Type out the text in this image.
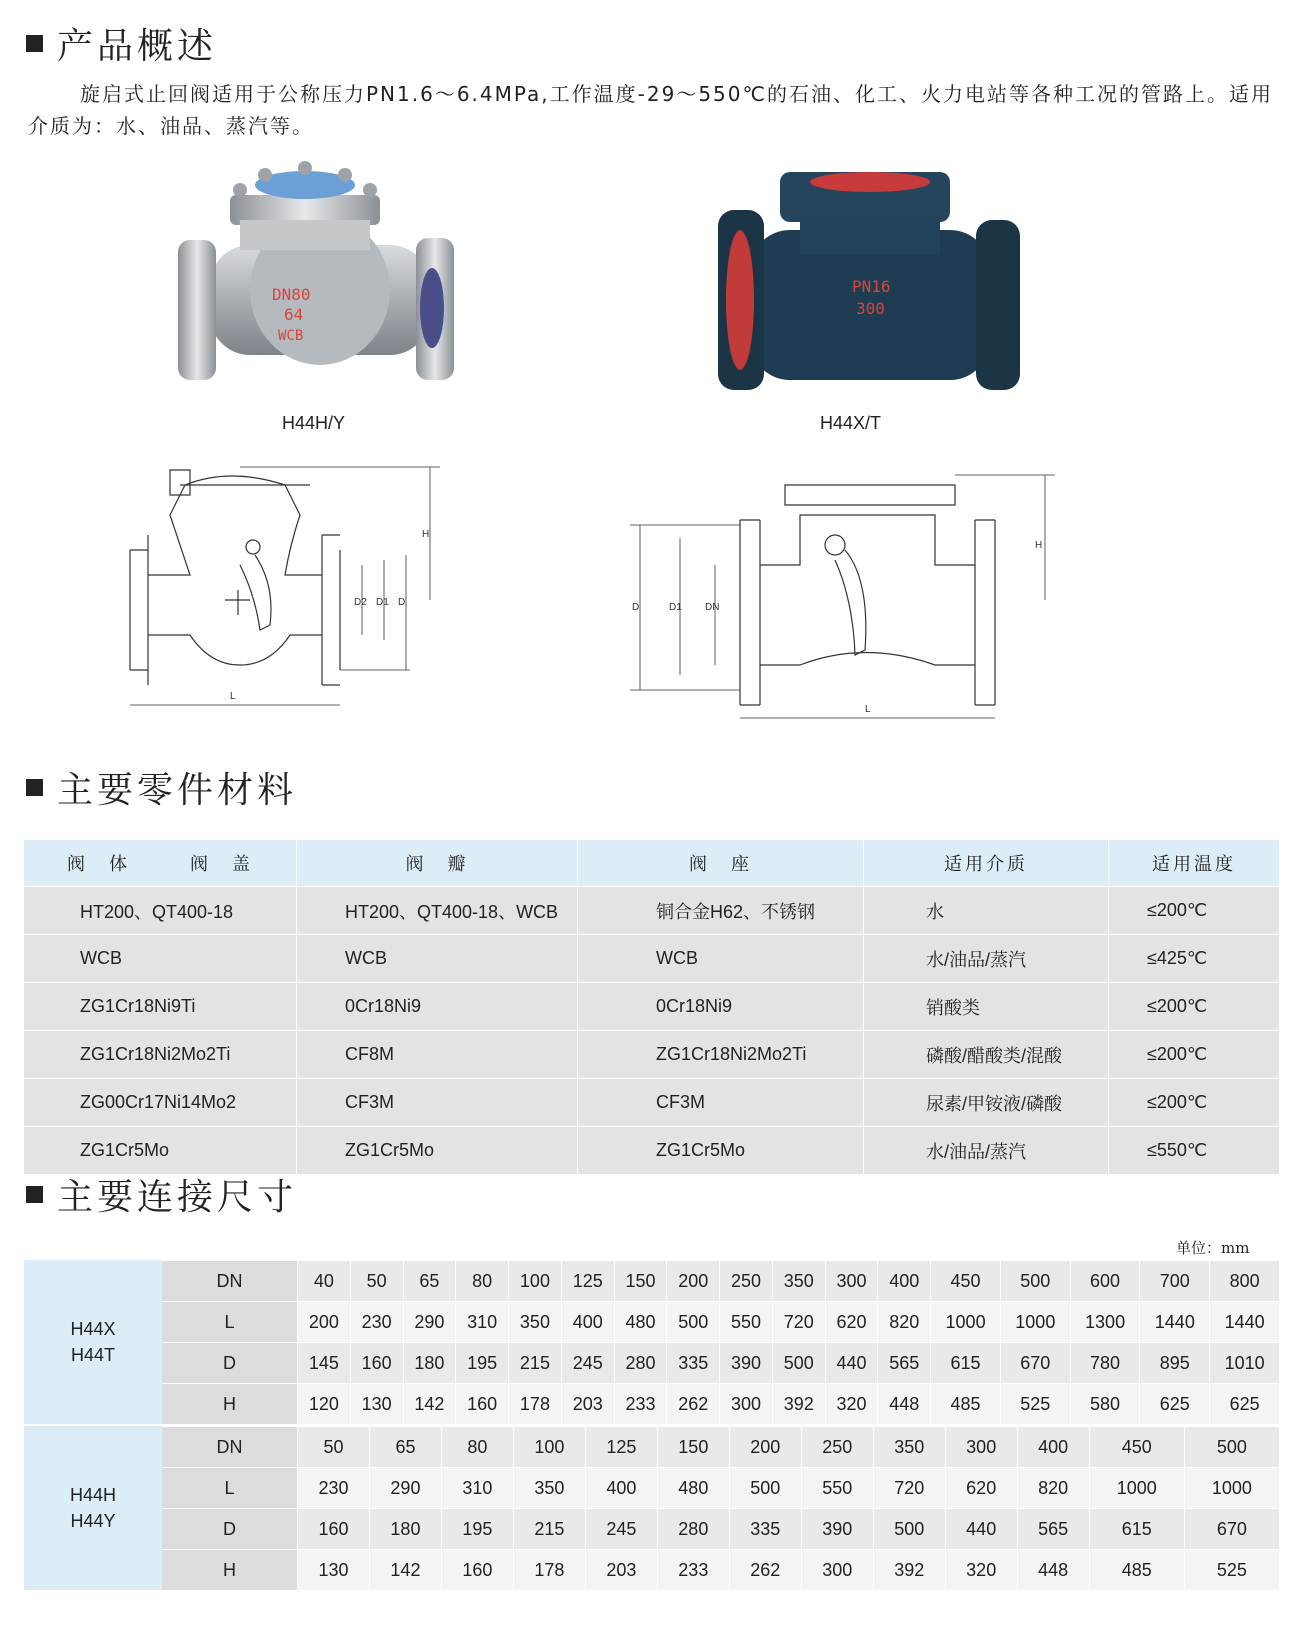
产品概述
旋启式止回阀适用于公称压力PN1.6～6.4MPa,工作温度-29～550℃的石油、化工、火力电站等各种工况的管路上。适用介质为：水、油品、蒸汽等。
DN80
64
WCB
H44H/Y
PN16
300
H44X/T
H
D2 D1 D
L
H
D	D1 DN
L
主要零件材料
阀　体 阀　盖	阀　瓣	阀　座	适用介质	适用温度
HT200、QT400-18	HT200、QT400-18、WCB	铜合金H62、不锈钢	水	≤200℃
WCB	WCB	WCB	水/油品/蒸汽	≤425℃
ZG1Cr18Ni9Ti	0Cr18Ni9	0Cr18Ni9	销酸类	≤200℃
ZG1Cr18Ni2Mo2Ti	CF8M	ZG1Cr18Ni2Mo2Ti	磷酸/醋酸类/混酸	≤200℃
ZG00Cr17Ni14Mo2	CF3M	CF3M	尿素/甲铵液/磷酸	≤200℃
ZG1Cr5Mo	ZG1Cr5Mo	ZG1Cr5Mo	水/油品/蒸汽	≤550℃
主要连接尺寸
单位：mm
H44X
H44T
DN	40	50	65	80	100	125	150	200	250	350	300	400	450	500	600	700	800
L	200	230	290	310	350	400	480	500	550	720	620	820	1000	1000	1300	1440	1440
D	145	160	180	195	215	245	280	335	390	500	440	565	615	670	780	895	1010
H	120	130	142	160	178	203	233	262	300	392	320	448	485	525	580	625	625
H44H
H44Y
DN	50	65	80	100	125	150	200	250	350	300	400	450	500
L	230	290	310	350	400	480	500	550	720	620	820	1000	1000
D	160	180	195	215	245	280	335	390	500	440	565	615	670
H	130	142	160	178	203	233	262	300	392	320	448	485	525
